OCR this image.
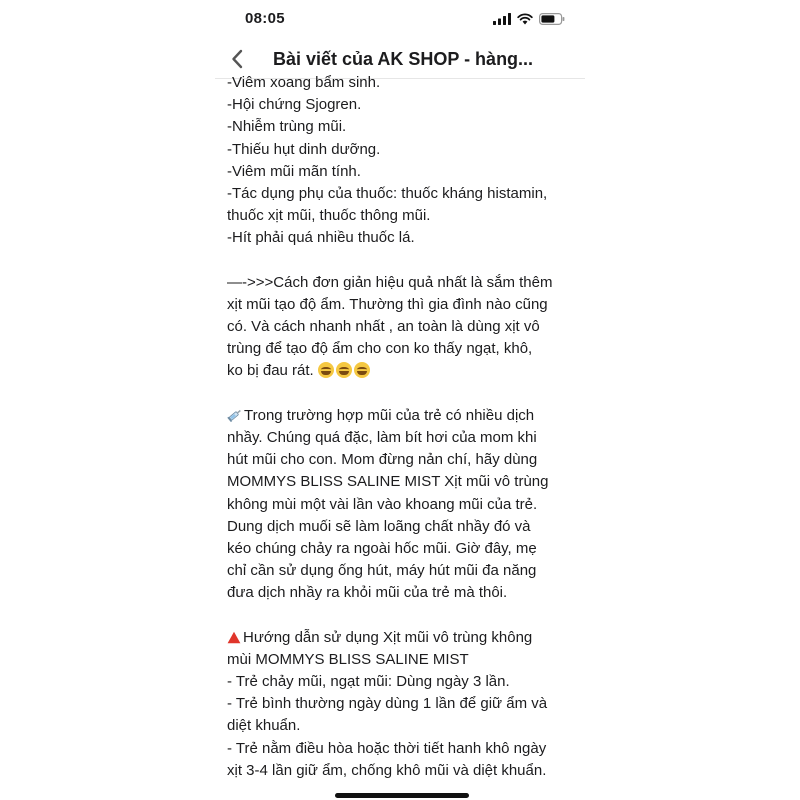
08:05
Bài viết của AK SHOP - hàng...
-Viêm xoang bẩm sinh.
-Hội chứng Sjogren.
-Nhiễm trùng mũi.
-Thiếu hụt dinh dưỡng.
-Viêm mũi mãn tính.
-Tác dụng phụ của thuốc: thuốc kháng histamin,
thuốc xịt mũi, thuốc thông mũi.
-Hít phải quá nhiều thuốc lá.
—->>>Cách đơn giản hiệu quả nhất là sắm thêm
xịt mũi tạo độ ẩm. Thường thì gia đình nào cũng
có. Và cách nhanh nhất , an toàn là dùng xịt vô
trùng để tạo độ ẩm cho con ko thấy ngạt, khô,
ko bị đau rát.
Trong trường hợp mũi của trẻ có nhiều dịch
nhầy. Chúng quá đặc, làm bít hơi của mom khi
hút mũi cho con. Mom đừng nản chí, hãy dùng
MOMMYS BLISS SALINE MIST Xịt mũi vô trùng
không mùi một vài lần vào khoang mũi của trẻ.
Dung dịch muối sẽ làm loãng chất nhầy đó và
kéo chúng chảy ra ngoài hốc mũi. Giờ đây, mẹ
chỉ cần sử dụng ống hút, máy hút mũi đa năng
đưa dịch nhầy ra khỏi mũi của trẻ mà thôi.
Hướng dẫn sử dụng Xịt mũi vô trùng không
mùi MOMMYS BLISS SALINE MIST
- Trẻ chảy mũi, ngạt mũi: Dùng ngày 3 lần.
- Trẻ bình thường ngày dùng 1 lần để giữ ẩm và
diệt khuẩn.
- Trẻ nằm điều hòa hoặc thời tiết hanh khô ngày
xịt 3-4 lần giữ ẩm, chống khô mũi và diệt khuẩn.
